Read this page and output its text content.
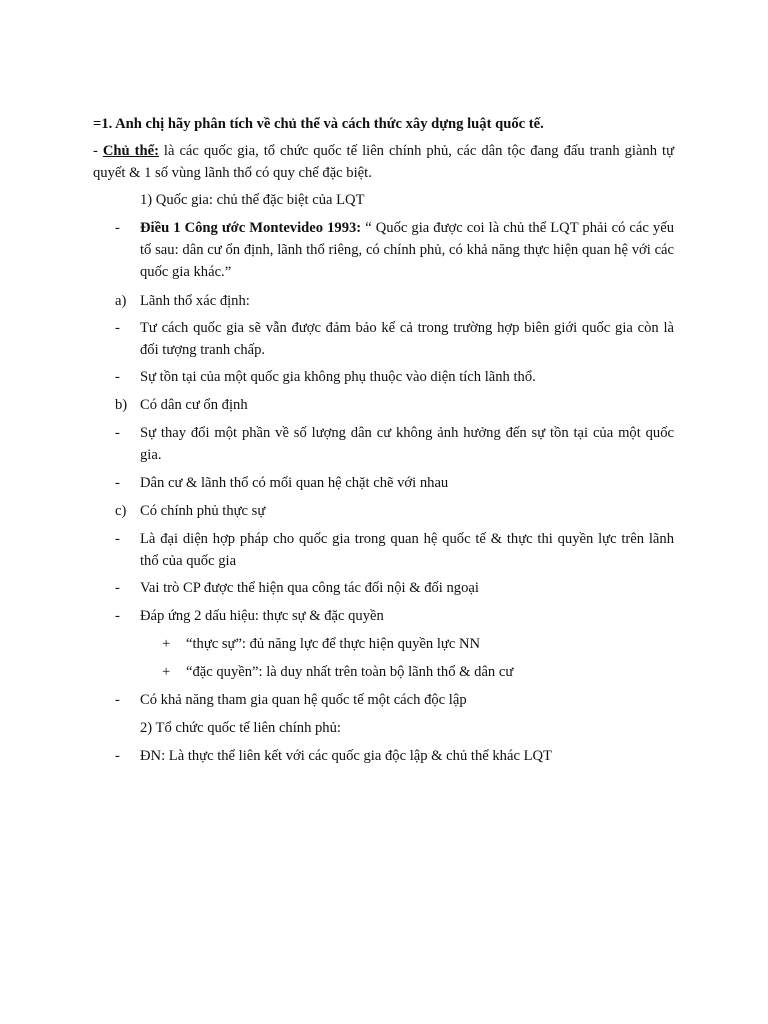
=1. Anh chị hãy phân tích về chủ thể và cách thức xây dựng luật quốc tế.
- Chủ thể: là các quốc gia, tổ chức quốc tế liên chính phủ, các dân tộc đang đấu tranh giành tự quyết & 1 số vùng lãnh thổ có quy chế đặc biệt.
1) Quốc gia: chủ thể đặc biệt của LQT
- Điều 1 Công ước Montevideo 1993: “ Quốc gia được coi là chủ thể LQT phải có các yếu tố sau: dân cư ổn định, lãnh thổ riêng, có chính phủ, có khả năng thực hiện quan hệ với các quốc gia khác.”
a) Lãnh thổ xác định:
- Tư cách quốc gia sẽ vẫn được đảm bảo kể cả trong trường hợp biên giới quốc gia còn là đối tượng tranh chấp.
- Sự tồn tại của một quốc gia không phụ thuộc vào diện tích lãnh thổ.
b) Có dân cư ổn định
- Sự thay đổi một phần về số lượng dân cư không ảnh hưởng đến sự tồn tại của một quốc gia.
- Dân cư & lãnh thổ có mối quan hệ chặt chẽ với nhau
c) Có chính phủ thực sự
- Là đại diện hợp pháp cho quốc gia trong quan hệ quốc tế & thực thi quyền lực trên lãnh thổ của quốc gia
- Vai trò CP được thể hiện qua công tác đối nội & đối ngoại
- Đáp ứng 2 dấu hiệu: thực sự & đặc quyền
+ “thực sự”: đủ năng lực để thực hiện quyền lực NN
+ “đặc quyền”: là duy nhất trên toàn bộ lãnh thổ & dân cư
- Có khả năng tham gia quan hệ quốc tế một cách độc lập
2) Tổ chức quốc tế liên chính phủ:
- ĐN: Là thực thể liên kết với các quốc gia độc lập & chủ thể khác LQT
